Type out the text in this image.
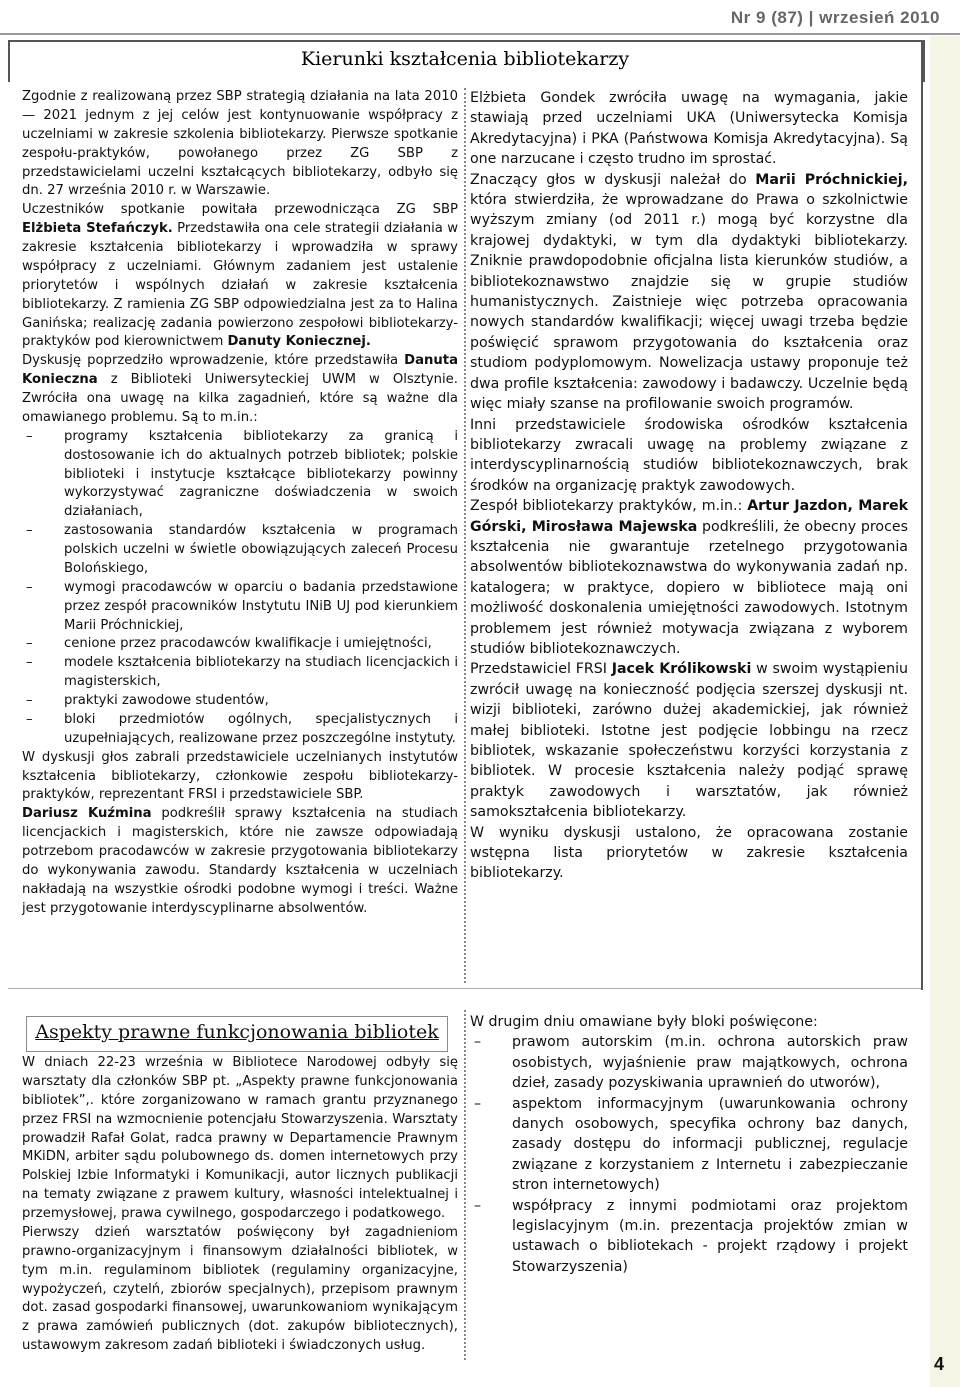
Nr 9 (87) | wrzesień 2010
4
Kierunki kształcenia bibliotekarzy

Zgodnie z realizowaną przez SBP strategią działania na lata 2010 — 2021 jednym z jej celów jest kontynuowanie współpracy z uczelniami w zakresie szkolenia bibliotekarzy. Pierwsze spotkanie zespołu-praktyków, powołanego przez ZG SBP z przedstawicielami uczelni kształcących bibliotekarzy, odbyło się dn. 27 września 2010 r. w Warszawie.

Uczestników spotkanie powitała przewodnicząca ZG SBP Elżbieta Stefańczyk. Przedstawiła ona cele strategii działania w zakresie kształcenia bibliotekarzy i wprowadziła w sprawy współpracy z uczelniami. Głównym zadaniem jest ustalenie priorytetów i wspólnych działań w zakresie kształcenia bibliotekarzy. Z ramienia ZG SBP odpowiedzialna jest za to Halina Ganińska; realizację zadania powierzono zespołowi bibliotekarzy-praktyków pod kierownictwem Danuty Koniecznej.

Dyskusję poprzedziło wprowadzenie, które przedstawiła Danuta Konieczna z Biblioteki Uniwersyteckiej UWM w Olsztynie. Zwróciła ona uwagę na kilka zagadnień, które są ważne dla omawianego problemu. Są to m.in.:

– programy kształcenia bibliotekarzy za granicą i dostosowanie ich do aktualnych potrzeb bibliotek; polskie biblioteki i instytucje kształcące bibliotekarzy powinny wykorzystywać zagraniczne doświadczenia w swoich działaniach,
– zastosowania standardów kształcenia w programach polskich uczelni w świetle obowiązujących zaleceń Procesu Bolońskiego,
– wymogi pracodawców w oparciu o badania przedstawione przez zespół pracowników Instytutu INiB UJ pod kierunkiem Marii Próchnickiej,
– cenione przez pracodawców kwalifikacje i umiejętności,
– modele kształcenia bibliotekarzy na studiach licencjackich i magisterskich,
– praktyki zawodowe studentów,
– bloki przedmiotów ogólnych, specjalistycznych i uzupełniających, realizowane przez poszczególne instytuty.

W dyskusji głos zabrali przedstawiciele uczelnianych instytutów kształcenia bibliotekarzy, członkowie zespołu bibliotekarzy-praktyków, reprezentant FRSI i przedstawiciele SBP.

Dariusz Kuźmina podkreślił sprawy kształcenia na studiach licencjackich i magisterskich, które nie zawsze odpowiadają potrzebom pracodawców w zakresie przygotowania bibliotekarzy do wykonywania zawodu. Standardy kształcenia w uczelniach nakładają na wszystkie ośrodki podobne wymogi i treści. Ważne jest przygotowanie interdyscyplinarne absolwentów.

Elżbieta Gondek zwróciła uwagę na wymagania, jakie stawiają przed uczelniami UKA (Uniwersytecka Komisja Akredytacyjna) i PKA (Państwowa Komisja Akredytacyjna). Są one narzucane i często trudno im sprostać.

Znaczący głos w dyskusji należał do Marii Próchnickiej, która stwierdziła, że wprowadzane do Prawa o szkolnictwie wyższym zmiany (od 2011 r.) mogą być korzystne dla krajowej dydaktyki, w tym dla dydaktyki bibliotekarzy. Zniknie prawdopodobnie oficjalna lista kierunków studiów, a bibliotekoznawstwo znajdzie się w grupie studiów humanistycznych. Zaistnieje więc potrzeba opracowania nowych standardów kwalifikacji; więcej uwagi trzeba będzie poświęcić sprawom przygotowania do kształcenia oraz studiom podyplomowym. Nowelizacja ustawy proponuje też dwa profile kształcenia: zawodowy i badawczy. Uczelnie będą więc miały szanse na profilowanie swoich programów.

Inni przedstawiciele środowiska ośrodków kształcenia bibliotekarzy zwracali uwagę na problemy związane z interdyscyplinarnością studiów bibliotekoznawczych, brak środków na organizację praktyk zawodowych.

Zespół bibliotekarzy praktyków, m.in.: Artur Jazdon, Marek Górski, Mirosława Majewska podkreślili, że obecny proces kształcenia nie gwarantuje rzetelnego przygotowania absolwentów bibliotekoznawstwa do wykonywania zadań np. katalogera; w praktyce, dopiero w bibliotece mają oni możliwość doskonalenia umiejętności zawodowych. Istotnym problemem jest również motywacja związana z wyborem studiów bibliotekoznawczych.

Przedstawiciel FRSI Jacek Królikowski w swoim wystąpieniu zwrócił uwagę na konieczność podjęcia szerszej dyskusji nt. wizji biblioteki, zarówno dużej akademickiej, jak również małej biblioteki. Istotne jest podjęcie lobbingu na rzecz bibliotek, wskazanie społeczeństwu korzyści korzystania z bibliotek. W procesie kształcenia należy podjąć sprawę praktyk zawodowych i warsztatów, jak również samokształcenia bibliotekarzy.

W wyniku dyskusji ustalono, że opracowana zostanie wstępna lista priorytetów w zakresie kształcenia bibliotekarzy.

Aspekty prawne funkcjonowania bibliotek

W dniach 22-23 września w Bibliotece Narodowej odbyły się warsztaty dla członków SBP pt. „Aspekty prawne funkcjonowania bibliotek”,. które zorganizowano w ramach grantu przyznanego przez FRSI na wzmocnienie potencjału Stowarzyszenia. Warsztaty prowadził Rafał Golat, radca prawny w Departamencie Prawnym MKiDN, arbiter sądu polubownego ds. domen internetowych przy Polskiej Izbie Informatyki i Komunikacji, autor licznych publikacji na tematy związane z prawem kultury, własności intelektualnej i przemysłowej, prawa cywilnego, gospodarczego i podatkowego.

Pierwszy dzień warsztatów poświęcony był zagadnieniom prawno-organizacyjnym i finansowym działalności bibliotek, w tym m.in. regulaminom bibliotek (regulaminy organizacyjne, wypożyczeń, czytelń, zbiorów specjalnych), przepisom prawnym dot. zasad gospodarki finansowej, uwarunkowaniom wynikającym z prawa zamówień publicznych (dot. zakupów bibliotecznych), ustawowym zakresom zadań biblioteki i świadczonych usług.

W drugim dniu omawiane były bloki poświęcone:

– prawom autorskim (m.in. ochrona autorskich praw osobistych, wyjaśnienie praw majątkowych, ochrona dzieł, zasady pozyskiwania uprawnień do utworów),
– aspektom informacyjnym (uwarunkowania ochrony danych osobowych, specyfika ochrony baz danych, zasady dostępu do informacji publicznej, regulacje związane z korzystaniem z Internetu i zabezpieczanie stron internetowych)
– współpracy z innymi podmiotami oraz projektom legislacyjnym (m.in. prezentacja projektów zmian w ustawach o bibliotekach - projekt rządowy i projekt Stowarzyszenia)
